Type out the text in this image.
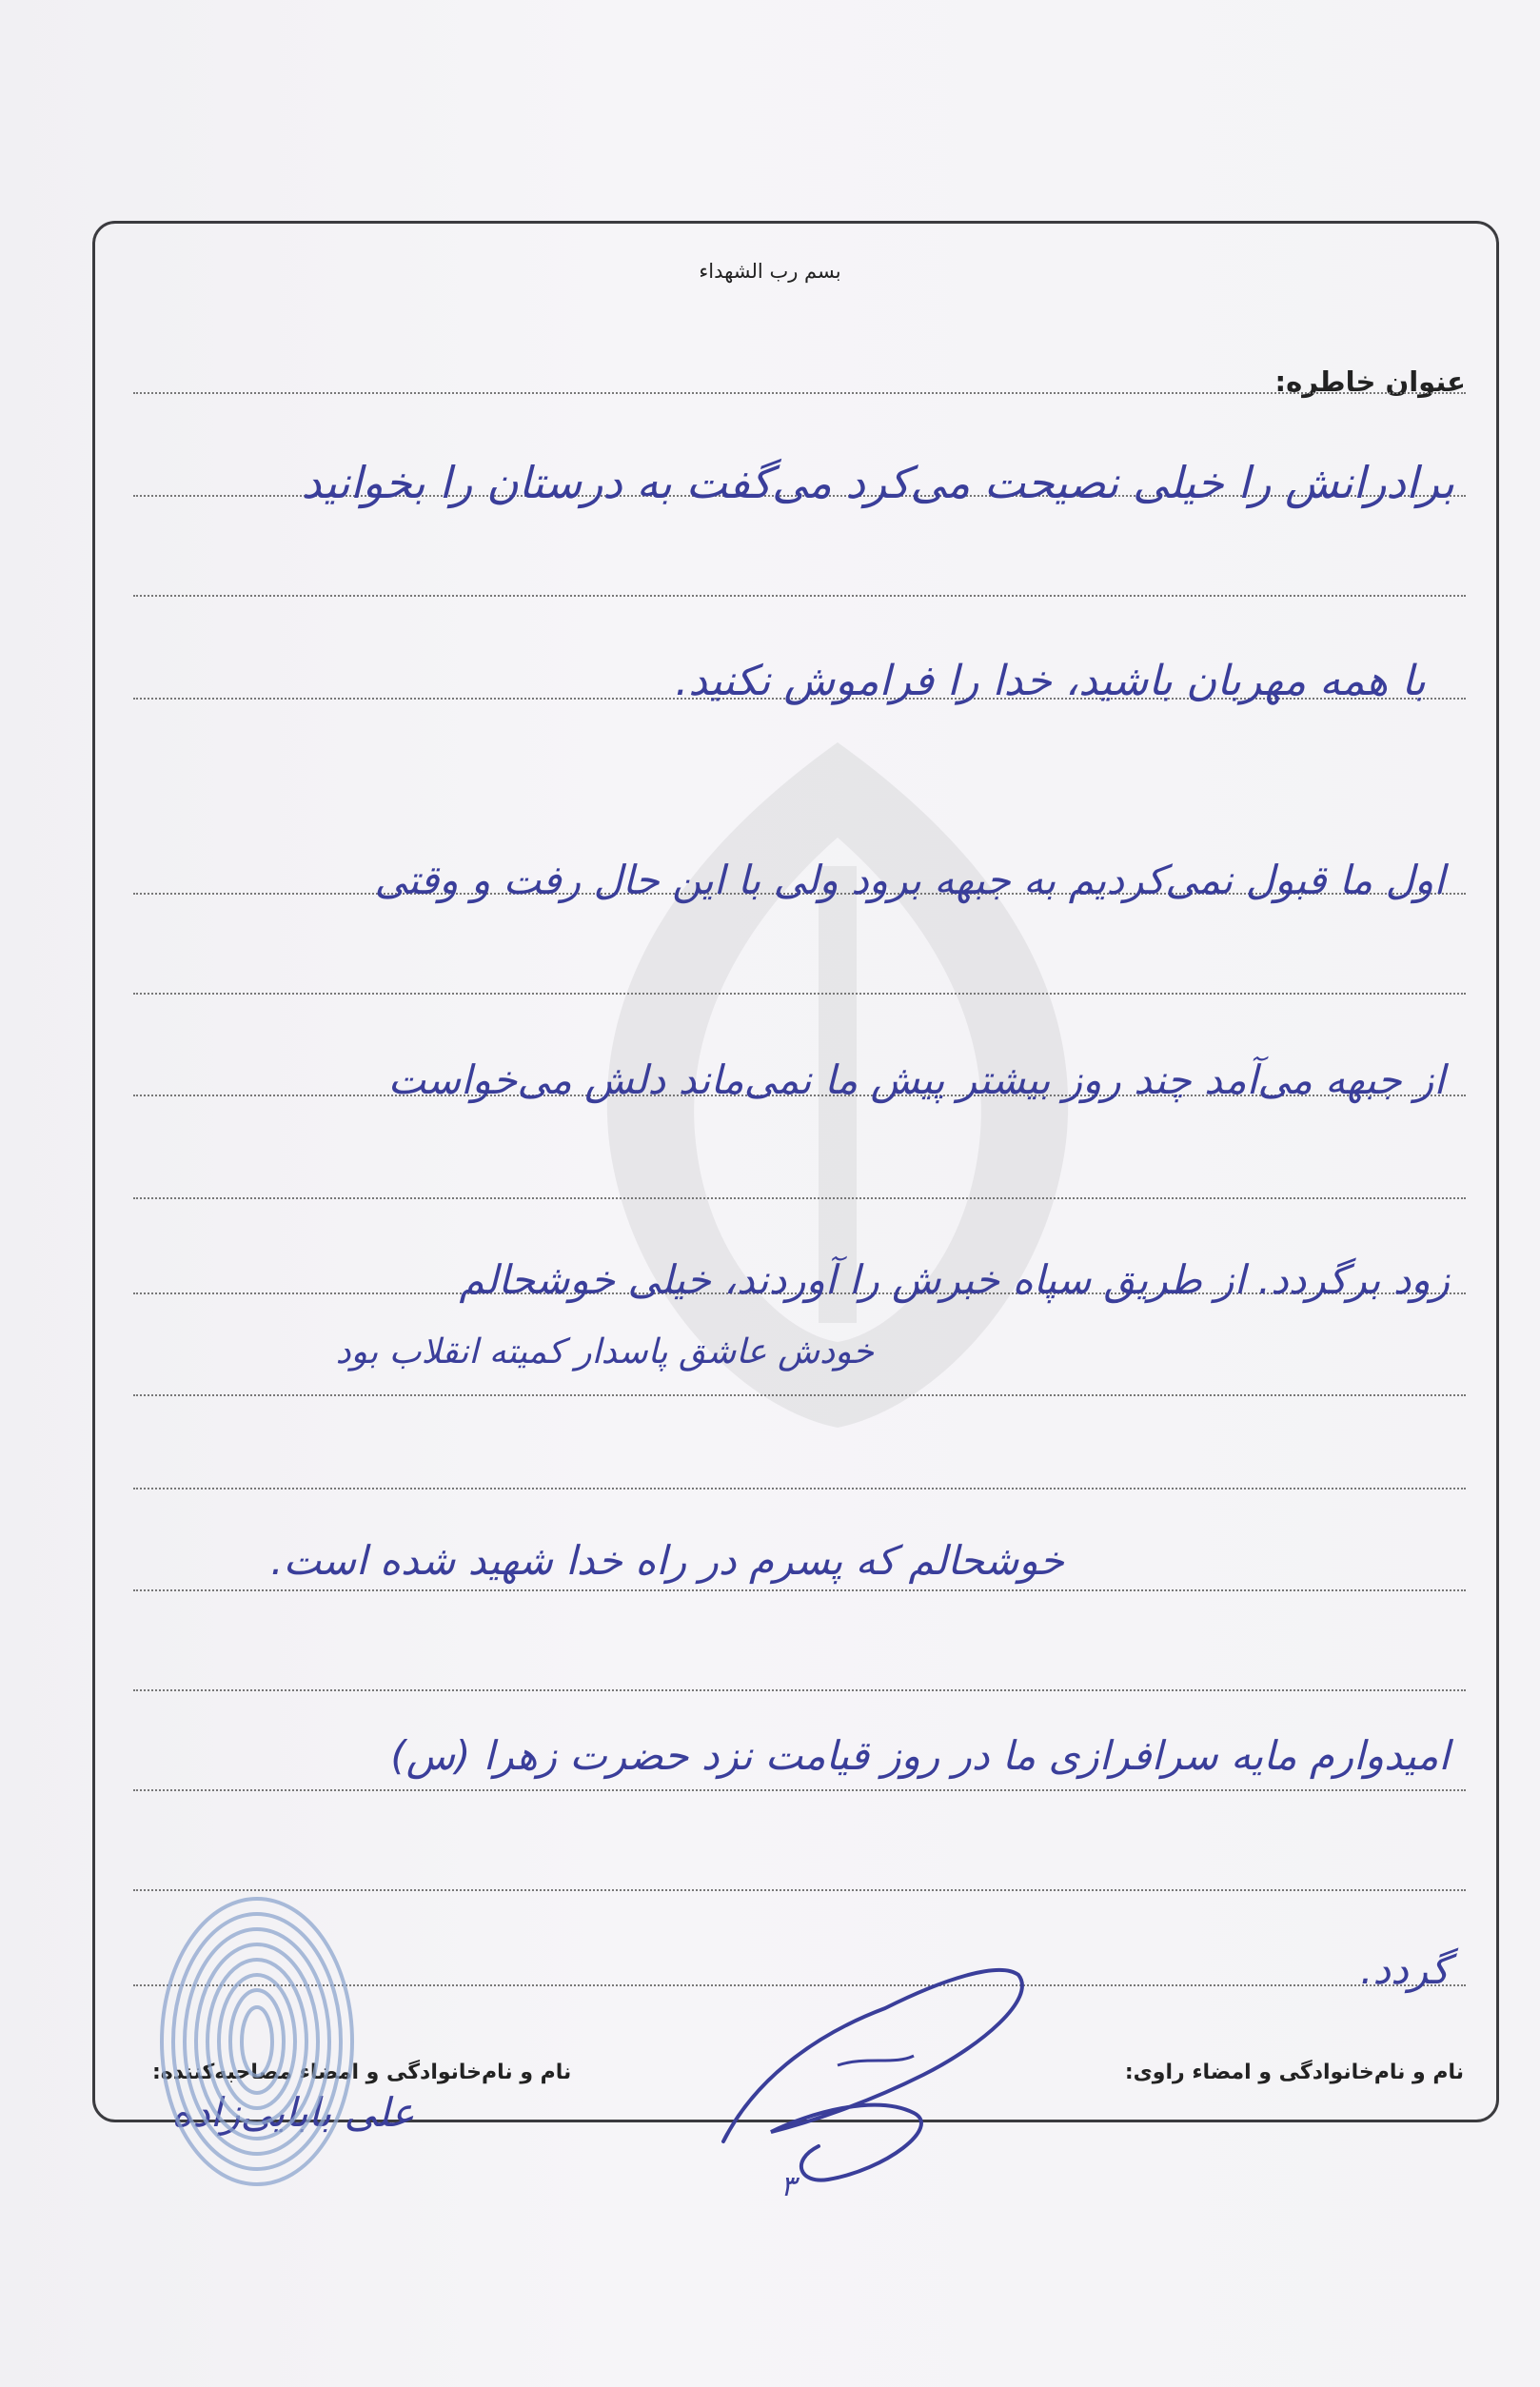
بسم رب الشهداء
عنوان خاطره:
برادرانش را خیلی نصیحت می‌کرد می‌گفت به درستان را بخوانید
با همه مهربان باشید، خدا را فراموش نکنید.
اول ما قبول نمی‌کردیم به جبهه برود ولی با این حال رفت و وقتی
از جبهه می‌آمد چند روز بیشتر پیش ما نمی‌ماند دلش می‌خواست
زود برگردد. از طریق سپاه خبرش را آوردند، خیلی خوشحالم
خودش عاشق پاسدار کمیته انقلاب بود
خوشحالم که پسرم در راه خدا شهید شده است.
امیدوارم مایه سرافرازی ما در روز قیامت نزد حضرت زهرا (س)
گردد.
نام و نام‌خانوادگی و امضاء مصاحبه‌کننده:	نام و نام‌خانوادگی و امضاء راوی:
علی بابایی‌زاده
۳
